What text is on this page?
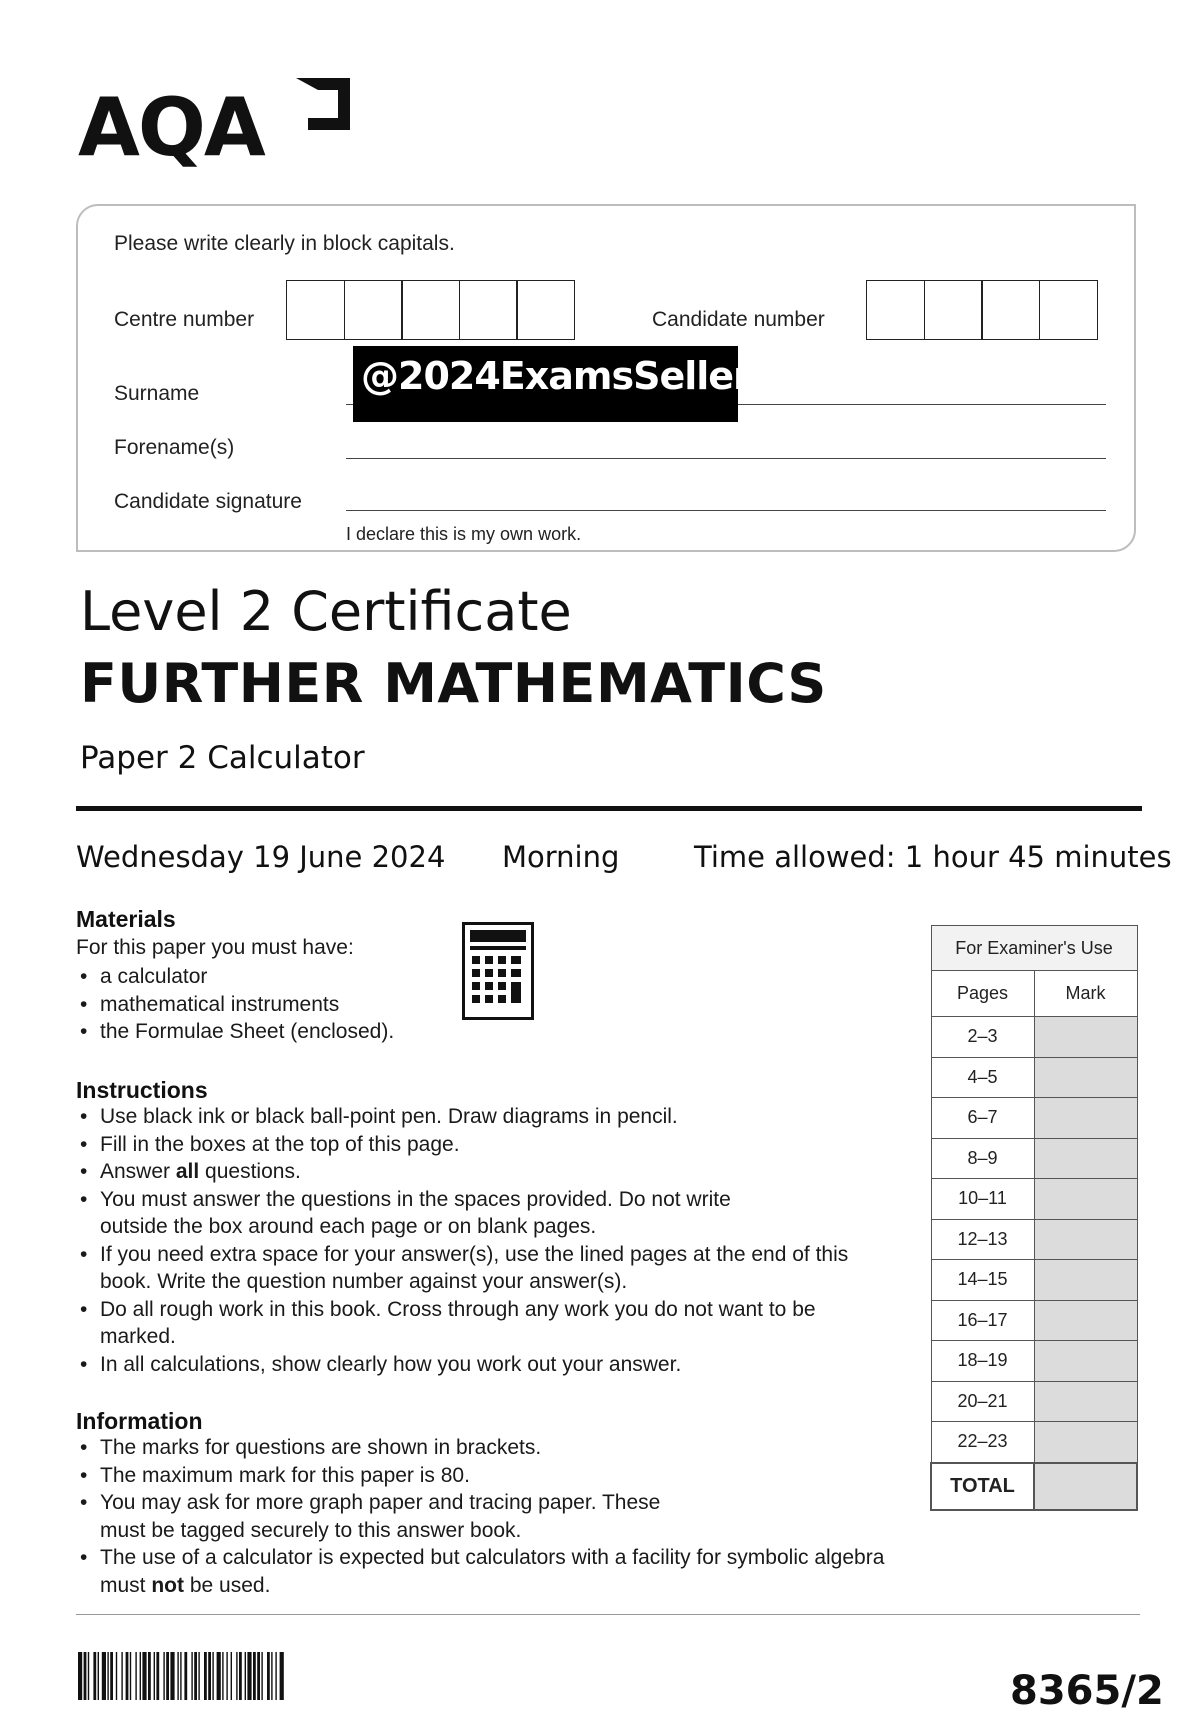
AQA
Please write clearly in block capitals.
Centre number	Candidate number
Surname
Forename(s)
Candidate signature
I declare this is my own work.
@2024ExamsSeller
Level 2 Certificate
FURTHER MATHEMATICS
Paper 2 Calculator
Wednesday 19 June 2024 Morning	Time allowed: 1 hour 45 minutes
Materials
For this paper you must have:
• a calculator
• mathematical instruments
• the Formulae Sheet (enclosed).
Instructions
• Use black ink or black ball-point pen. Draw diagrams in pencil.
• Fill in the boxes at the top of this page.
• Answer all questions.
• You must answer the questions in the spaces provided. Do not write outside the box around each page or on blank pages.
• If you need extra space for your answer(s), use the lined pages at the end of this book. Write the question number against your answer(s).
• Do all rough work in this book. Cross through any work you do not want to be marked.
• In all calculations, show clearly how you work out your answer.
Information
• The marks for questions are shown in brackets.
• The maximum mark for this paper is 80.
• You may ask for more graph paper and tracing paper. These must be tagged securely to this answer book.
• The use of a calculator is expected but calculators with a facility for symbolic algebra must not be used.
For Examiner's Use	
Pages	Mark
2–3	
4–5	
6–7	
8–9	
10–11	
12–13	
14–15	
16–17	
18–19	
20–21	
22–23	
TOTAL	
8365/2
